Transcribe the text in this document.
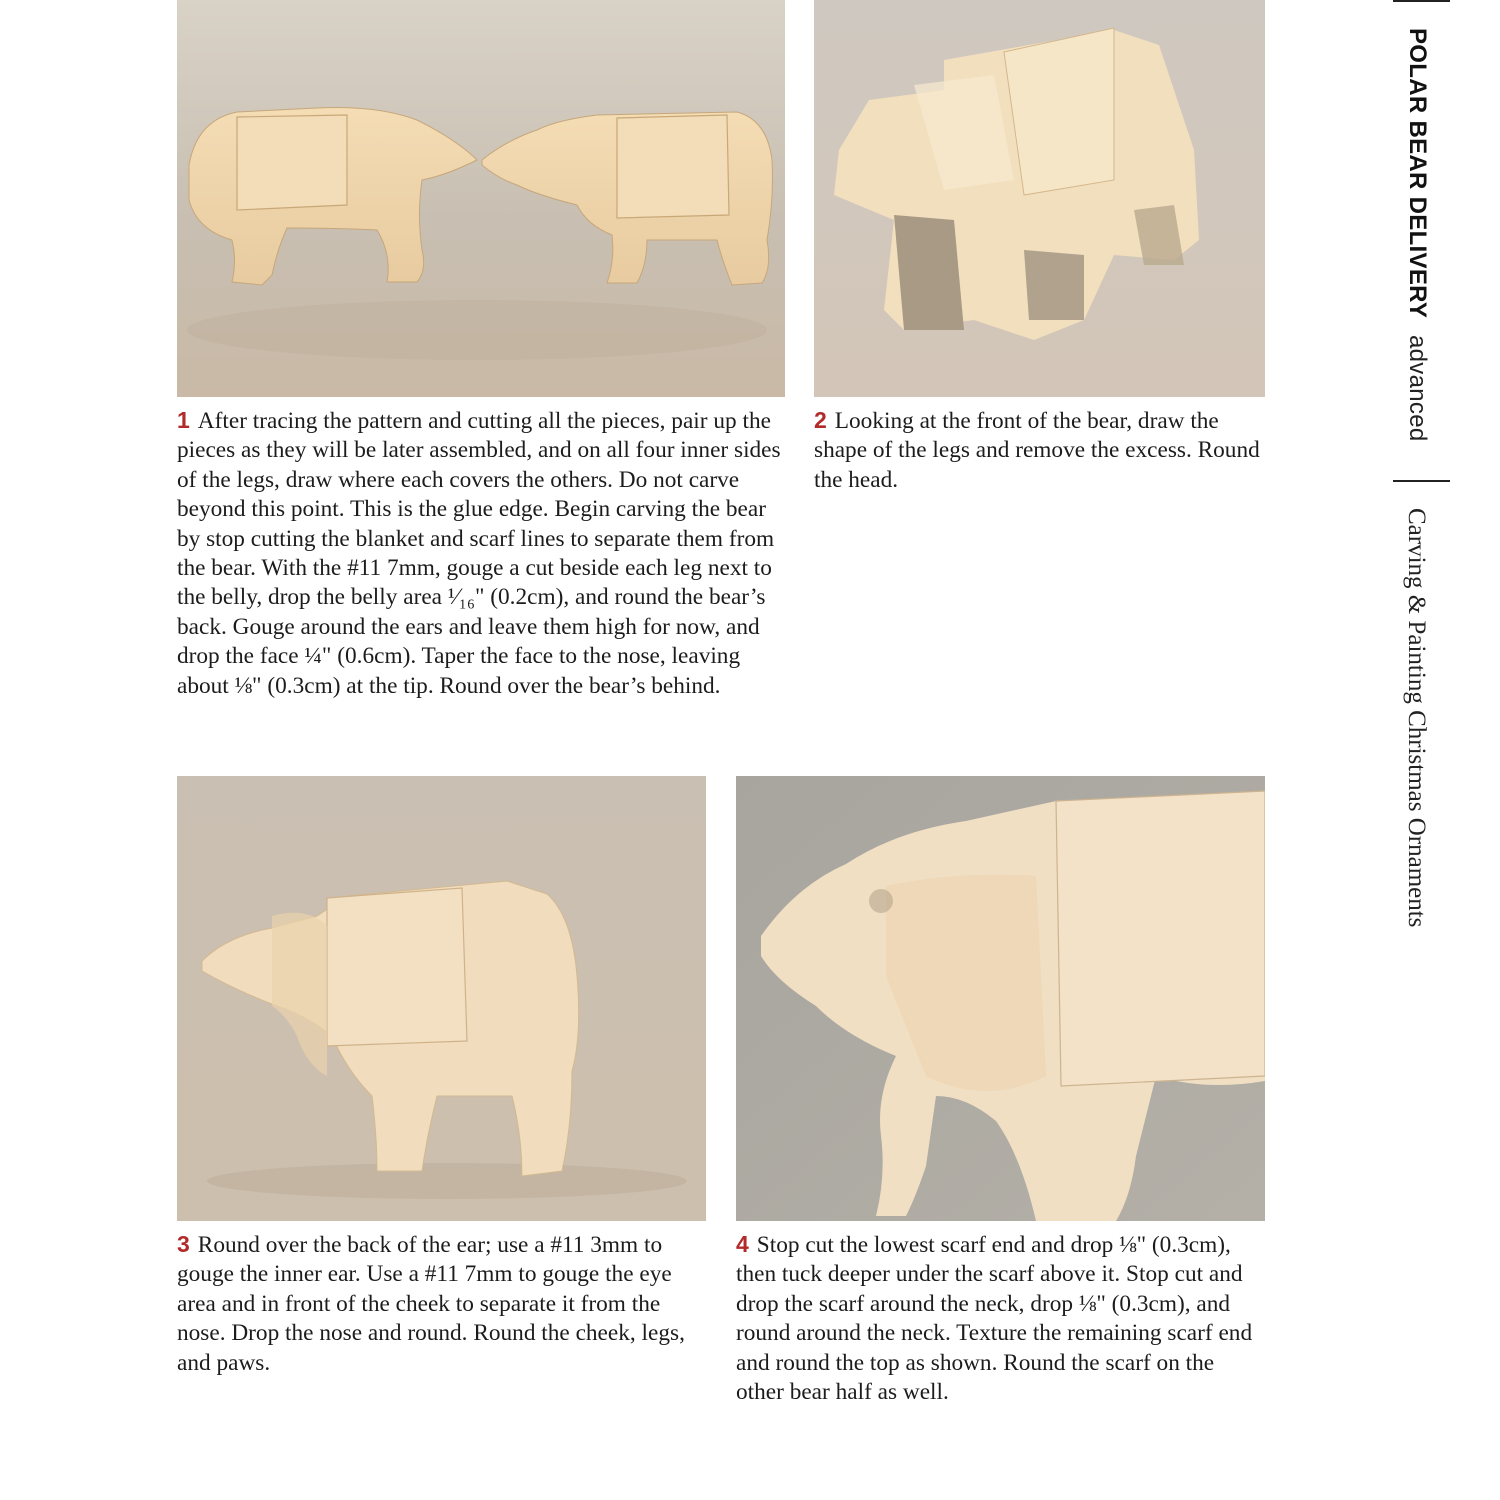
1 After tracing the pattern and cutting all the pieces, pair up the pieces as they will be later assembled, and on all four inner sides of the legs, draw where each covers the others. Do not carve beyond this point. This is the glue edge. Begin carving the bear by stop cutting the blanket and scarf lines to separate them from the bear. With the #11 7mm, gouge a cut beside each leg next to the belly, drop the belly area ¹⁄₁₆" (0.2cm), and round the bear’s back. Gouge around the ears and leave them high for now, and drop the face ¼" (0.6cm). Taper the face to the nose, leaving about ⅛" (0.3cm) at the tip. Round over the bear’s behind.

2 Looking at the front of the bear, draw the shape of the legs and remove the excess. Round the head.

3 Round over the back of the ear; use a #11 3mm to gouge the inner ear. Use a #11 7mm to gouge the eye area and in front of the cheek to separate it from the nose. Drop the nose and round. Round the cheek, legs, and paws.

4 Stop cut the lowest scarf end and drop ⅛" (0.3cm), then tuck deeper under the scarf above it. Stop cut and drop the scarf around the neck, drop ⅛" (0.3cm), and round around the neck. Texture the remaining scarf end and round the top as shown. Round the scarf on the other bear half as well.

POLAR BEAR DELIVERY advanced
Carving & Painting Christmas Ornaments
